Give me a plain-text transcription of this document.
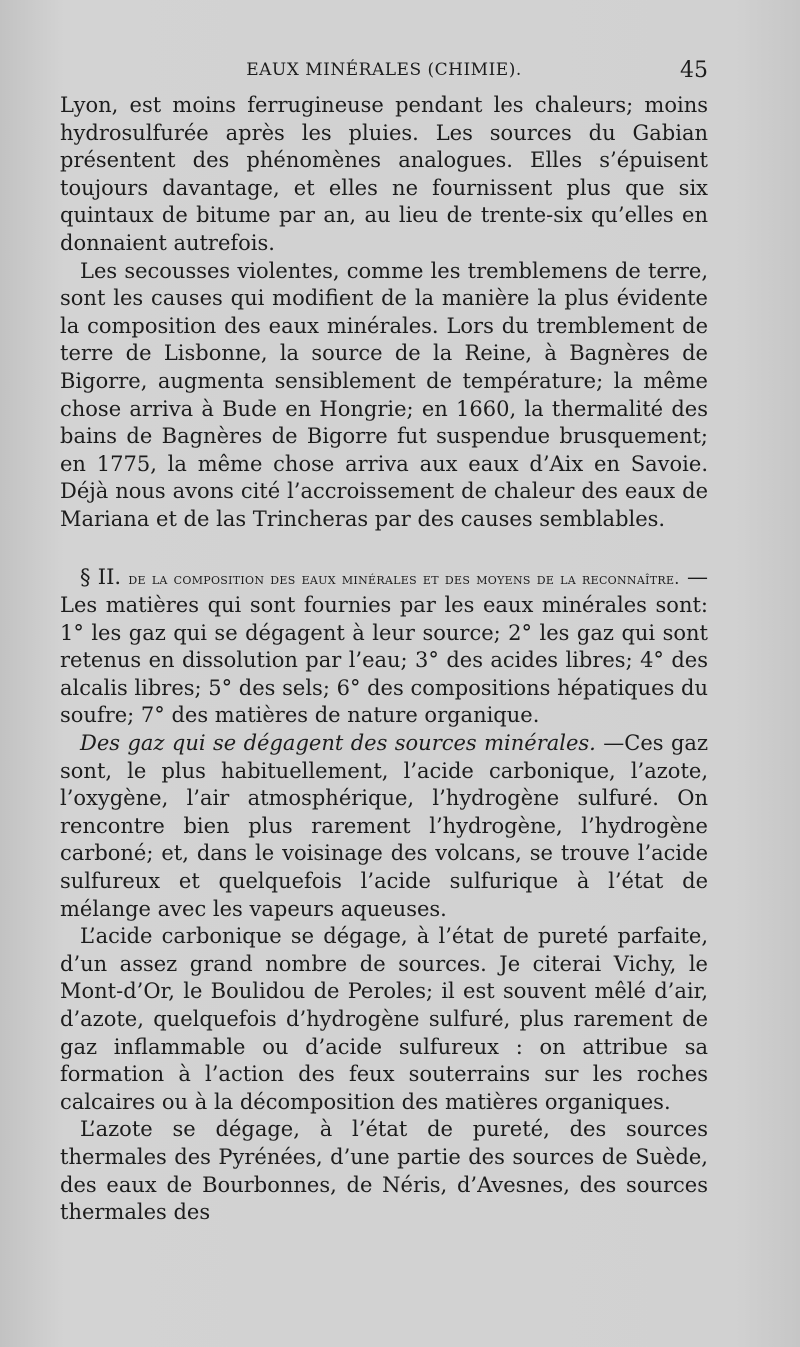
EAUX MINÉRALES (CHIMIE).	45

Lyon, est moins ferrugineuse pendant les chaleurs; moins hydrosulfurée après les pluies. Les sources du Gabian présentent des phénomènes analogues. Elles s’épuisent toujours davantage, et elles ne fournissent plus que six quintaux de bitume par an, au lieu de trente-six qu’elles en donnaient autrefois.

Les secousses violentes, comme les tremblemens de terre, sont les causes qui modifient de la manière la plus évidente la composition des eaux minérales. Lors du tremblement de terre de Lisbonne, la source de la Reine, à Bagnères de Bigorre, augmenta sensiblement de température; la même chose arriva à Bude en Hongrie; en 1660, la thermalité des bains de Bagnères de Bigorre fut suspendue brusquement; en 1775, la même chose arriva aux eaux d’Aix en Savoie. Déjà nous avons cité l’accroissement de chaleur des eaux de Mariana et de las Trincheras par des causes semblables.

§ II. de la composition des eaux minérales et des moyens de la reconnaître. — Les matières qui sont fournies par les eaux minérales sont: 1° les gaz qui se dégagent à leur source; 2° les gaz qui sont retenus en dissolution par l’eau; 3° des acides libres; 4° des alcalis libres; 5° des sels; 6° des compositions hépatiques du soufre; 7° des matières de nature organique.

Des gaz qui se dégagent des sources minérales. —Ces gaz sont, le plus habituellement, l’acide carbonique, l’azote, l’oxygène, l’air atmosphérique, l’hydrogène sulfuré. On rencontre bien plus rarement l’hydrogène, l’hydrogène carboné; et, dans le voisinage des volcans, se trouve l’acide sulfureux et quelquefois l’acide sulfurique à l’état de mélange avec les vapeurs aqueuses.

L’acide carbonique se dégage, à l’état de pureté parfaite, d’un assez grand nombre de sources. Je citerai Vichy, le Mont-d’Or, le Boulidou de Peroles; il est souvent mêlé d’air, d’azote, quelquefois d’hydrogène sulfuré, plus rarement de gaz inflammable ou d’acide sulfureux : on attribue sa formation à l’action des feux souterrains sur les roches calcaires ou à la décomposition des matières organiques.

L’azote se dégage, à l’état de pureté, des sources thermales des Pyrénées, d’une partie des sources de Suède, des eaux de Bourbonnes, de Néris, d’Avesnes, des sources thermales des
